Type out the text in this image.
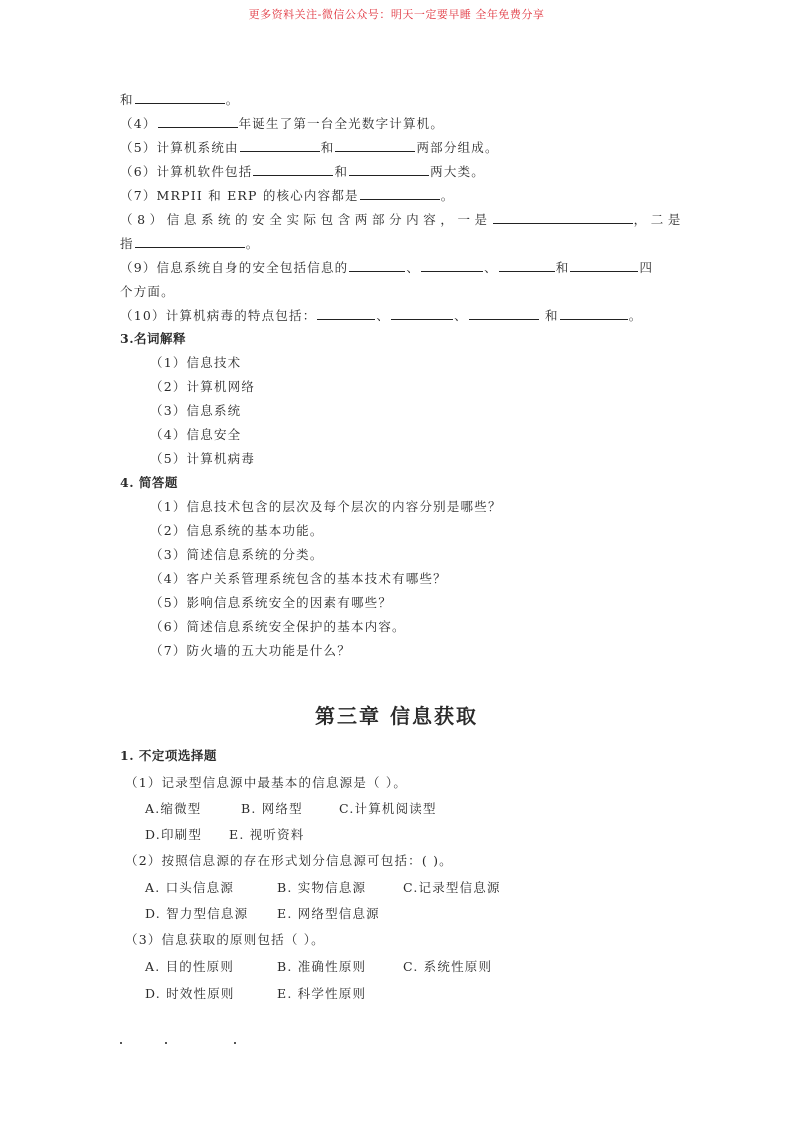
更多资料关注-微信公众号：明天一定要早睡 全年免费分享
和	。
（4）	年诞生了第一台全光数字计算机。
（5）计算机系统由	和	两部分组成。
（6）计算机软件包括	和	两大类。
（7）MRPII 和 ERP 的核心内容都是	。
（8）信息系统的安全实际包含两部分内容，一是	，二是
指	。
（9）信息系统自身的安全包括信息的	、	、	和	四
个方面。
（10）计算机病毒的特点包括：	、	、	和	。
3.名词解释
（1）信息技术
（2）计算机网络
（3）信息系统
（4）信息安全
（5）计算机病毒
4. 简答题
（1）信息技术包含的层次及每个层次的内容分别是哪些？
（2）信息系统的基本功能。
（3）简述信息系统的分类。
（4）客户关系管理系统包含的基本技术有哪些？
（5）影响信息系统安全的因素有哪些？
（6）简述信息系统安全保护的基本内容。
（7）防火墙的五大功能是什么？
第三章 信息获取
1. 不定项选择题
（1）记录型信息源中最基本的信息源是（ ）。
A.缩微型	B. 网络型	C.计算机阅读型
D.印刷型 E. 视听资料
（2）按照信息源的存在形式划分信息源可包括：( )。
A. 口头信息源	B. 实物信息源	C.记录型信息源
D. 智力型信息源 E. 网络型信息源
（3）信息获取的原则包括（ ）。
A. 目的性原则	B. 准确性原则	C. 系统性原则
D. 时效性原则	E. 科学性原则
